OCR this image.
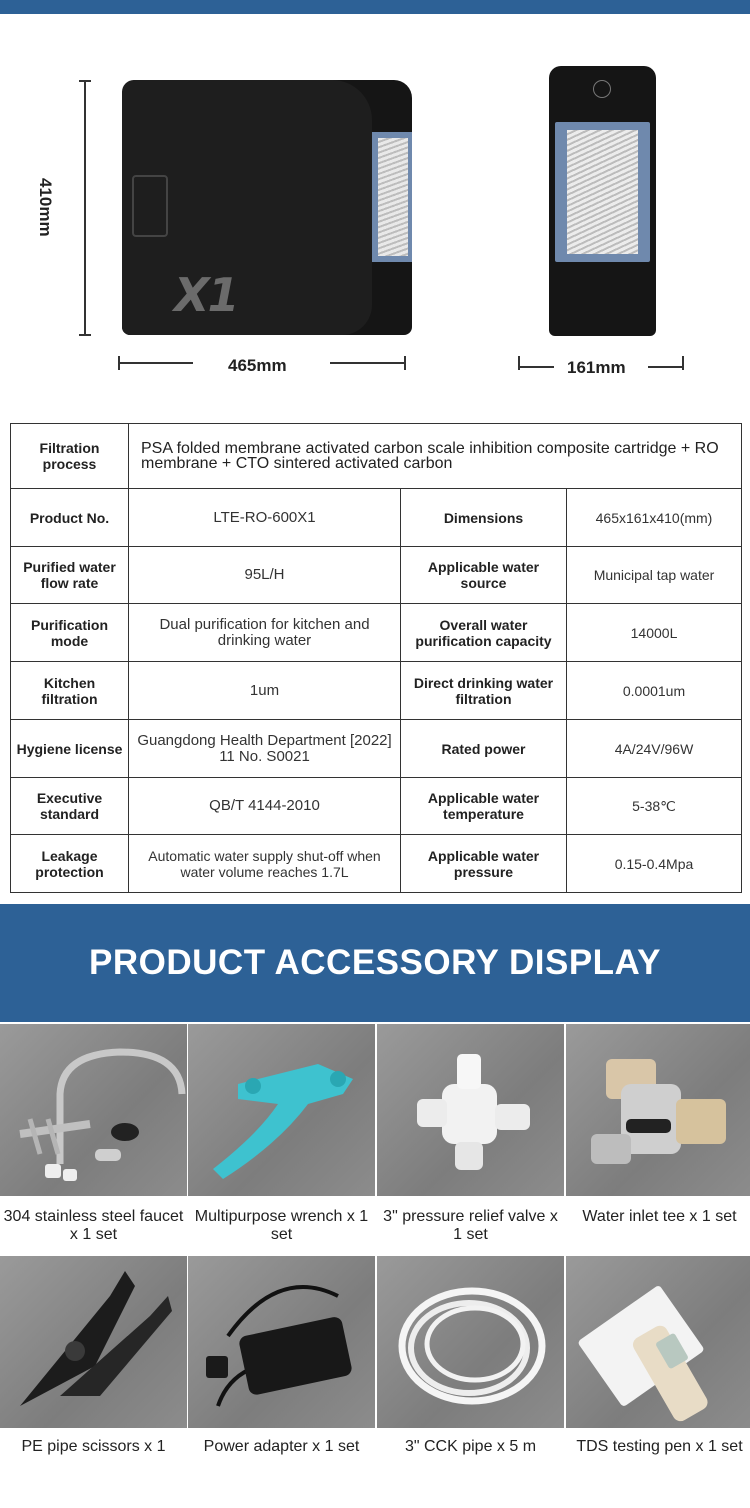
410mm
X1
465mm	161mm
Filtration process	PSA folded membrane activated carbon scale inhibition composite cartridge + RO membrane + CTO sintered activated carbon		
Product No.	LTE-RO-600X1	Dimensions	465x161x410(mm)
Purified water flow rate	95L/H	Applicable water source	Municipal tap water
Purification mode	Dual purification for kitchen and drinking water	Overall water purification capacity	14000L
Kitchen filtration	1um	Direct drinking water filtration	0.0001um
Hygiene license	Guangdong Health Department [2022] 11 No. S0021	Rated power	4A/24V/96W
Executive standard	QB/T 4144-2010	Applicable water temperature	5-38℃
Leakage protection	Automatic water supply shut-off when water volume reaches 1.7L	Applicable water pressure	0.15-0.4Mpa
PRODUCT ACCESSORY DISPLAY
304 stainless steel faucet x 1 set
Multipurpose wrench x 1 set
3" pressure relief valve x 1 set
Water inlet tee x 1 set
PE pipe scissors x 1	Power adapter x 1 set	3" CCK pipe x 5 m	TDS testing pen x 1 set
